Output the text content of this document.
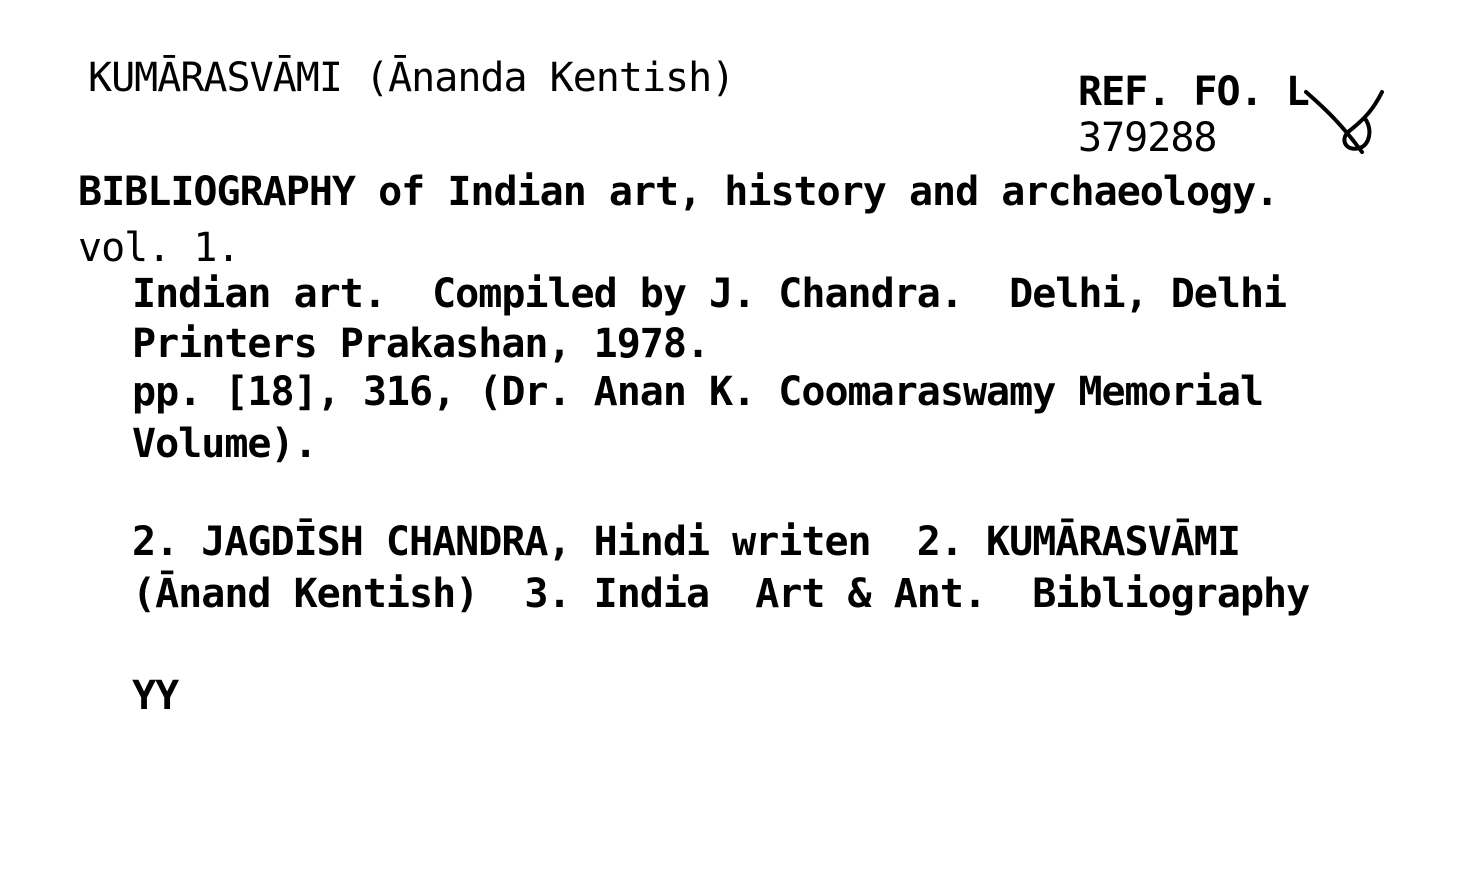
KUMĀRASVĀMI (Ānanda Kentish)	REF. FO. L
379288
BIBLIOGRAPHY of Indian art, history and archaeology.
vol. 1.
Indian art.  Compiled by J. Chandra.  Delhi, Delhi
Printers Prakashan, 1978.
pp. [18], 316, (Dr. Anan K. Coomaraswamy Memorial
Volume).
2. JAGDĪSH CHANDRA, Hindi writen  2. KUMĀRASVĀMI
(Ānand Kentish)  3. India  Art & Ant.  Bibliography
YY
